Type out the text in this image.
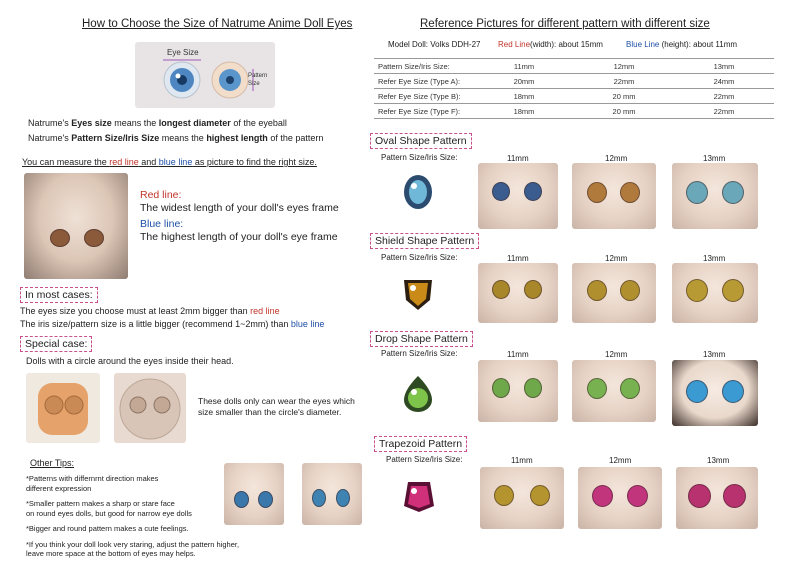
How to Choose the Size of Natrume Anime Doll Eyes
Eye Size
Pattern
Size
Natrume's Eyes size means the longest diameter of the eyeball
Natrume's Pattern Size/Iris Size means the highest length of the pattern
You can measure the red line and blue line as picture to find the right size.
Red line:
The widest length of your doll's eyes frame
Blue line:
The highest length of your doll's eye frame
In most cases:
The eyes size you choose must at least 2mm bigger than red line
The iris size/pattern size is a little bigger (recommend 1~2mm) than blue line
Special case:
Dolls with a circle around the eyes inside their head.
These dolls only can wear the eyes which
size smaller than the circle's diameter.
Other Tips:
*Patterns with differnrnt direction makes
different expression
*Smaller pattern makes a sharp or stare face
on round eyes dolls, but good for narrow eye dolls
*Bigger and round pattern makes a cute feelings.
*If you think your doll look very staring, adjust the pattern higher,
leave more space at the bottom of eyes may helps.
Reference Pictures for different pattern with different size
Model Doll: Volks DDH-27 Red Line(width): about 15mm	Blue Line (height): about 11mm
Pattern Size/Iris Size:	11mm	12mm	13mm
Refer Eye Size (Type A):	20mm	22mm	24mm
Refer Eye Size (Type B):	18mm	20 mm	22mm
Refer Eye Size (Type F):	18mm	20 mm	22mm
Oval Shape Pattern
Pattern Size/Iris Size:	11mm	12mm	13mm
Shield Shape Pattern
Pattern Size/Iris Size:	11mm	12mm	13mm
Drop Shape Pattern
Pattern Size/Iris Size:	11mm	12mm	13mm
Trapezoid Pattern
Pattern Size/Iris Size:	11mm	12mm	13mm
